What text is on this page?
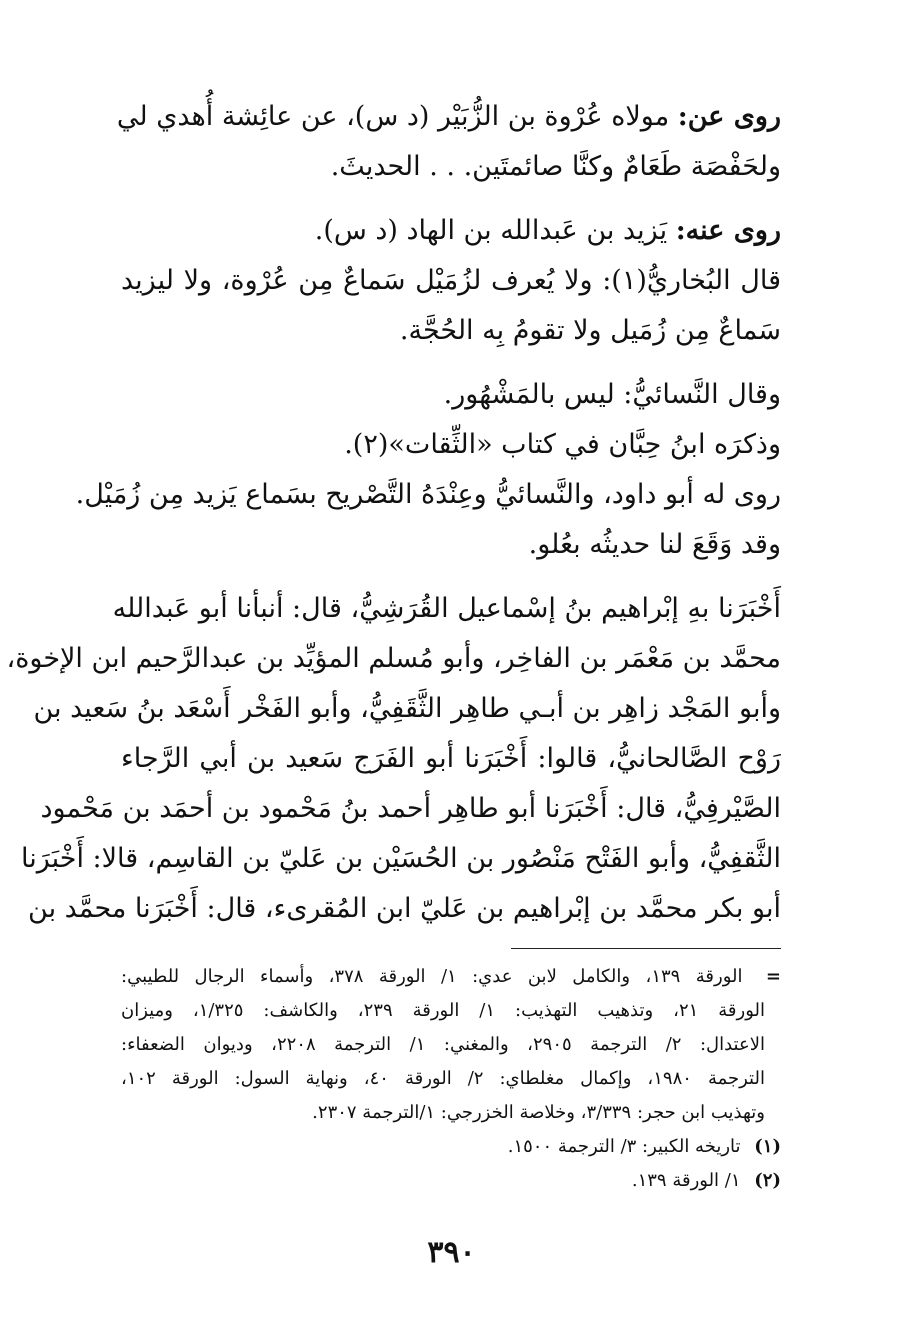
روى عن: مولاه عُرْوة بن الزُّبَيْر (د س)، عن عائِشة أُهدي لي
ولحَفْصَة طَعَامٌ وكنَّا صائمتَين. . . الحديثَ.
روى عنه: يَزيد بن عَبدالله بن الهاد (د س).
قال البُخاريُّ(١): ولا يُعرف لزُمَيْل سَماعٌ مِن عُرْوة، ولا ليزيد
سَماعٌ مِن زُمَيل ولا تقومُ بِه الحُجَّة.
وقال النَّسائيُّ: ليس بالمَشْهُور.
وذكرَه ابنُ حِبَّان في كتاب «الثِّقات»(٢).
روى له أبو داود، والنَّسائيُّ وعِنْدَهُ التَّصْريح بسَماع يَزيد مِن زُمَيْل.
وقد وَقَعَ لنا حديثُه بعُلو.
أَخْبَرَنا بهِ إبْراهيم بنُ إسْماعيل القُرَشِيُّ، قال: أنبأنا أبو عَبدالله
محمَّد بن مَعْمَر بن الفاخِر، وأبو مُسلم المؤيِّد بن عبدالرَّحيم ابن الإخوة،
وأبو المَجْد زاهِر بن أبـي طاهِر الثَّقَفِيُّ، وأبو الفَخْر أَسْعَد بنُ سَعيد بن
رَوْح الصَّالحانيُّ، قالوا: أَخْبَرَنا أبو الفَرَج سَعيد بن أبي الرَّجاء
الصَّيْرفِيُّ، قال: أَخْبَرَنا أبو طاهِر أحمد بنُ مَحْمود بن أحمَد بن مَحْمود
الثَّقفِيُّ، وأبو الفَتْح مَنْصُور بن الحُسَيْن بن عَليّ بن القاسِم، قالا: أَخْبَرَنا
أبو بكر محمَّد بن إبْراهيم بن عَليّ ابن المُقرىء، قال: أَخْبَرَنا محمَّد بن
= الورقة ١٣٩، والكامل لابن عدي: ١/ الورقة ٣٧٨، وأسماء الرجال للطيبي:
الورقة ٢١، وتذهيب التهذيب: ١/ الورقة ٢٣٩، والكاشف: ١/٣٢٥، وميزان
الاعتدال: ٢/ الترجمة ٢٩٠٥، والمغني: ١/ الترجمة ٢٢٠٨، وديوان الضعفاء:
الترجمة ١٩٨٠، وإكمال مغلطاي: ٢/ الورقة ٤٠، ونهاية السول: الورقة ١٠٢،
وتهذيب ابن حجر: ٣/٣٣٩، وخلاصة الخزرجي: ١/الترجمة ٢٣٠٧.
(١) تاريخه الكبير: ٣/ الترجمة ١٥٠٠.
(٢) ١/ الورقة ١٣٩.
٣٩٠
